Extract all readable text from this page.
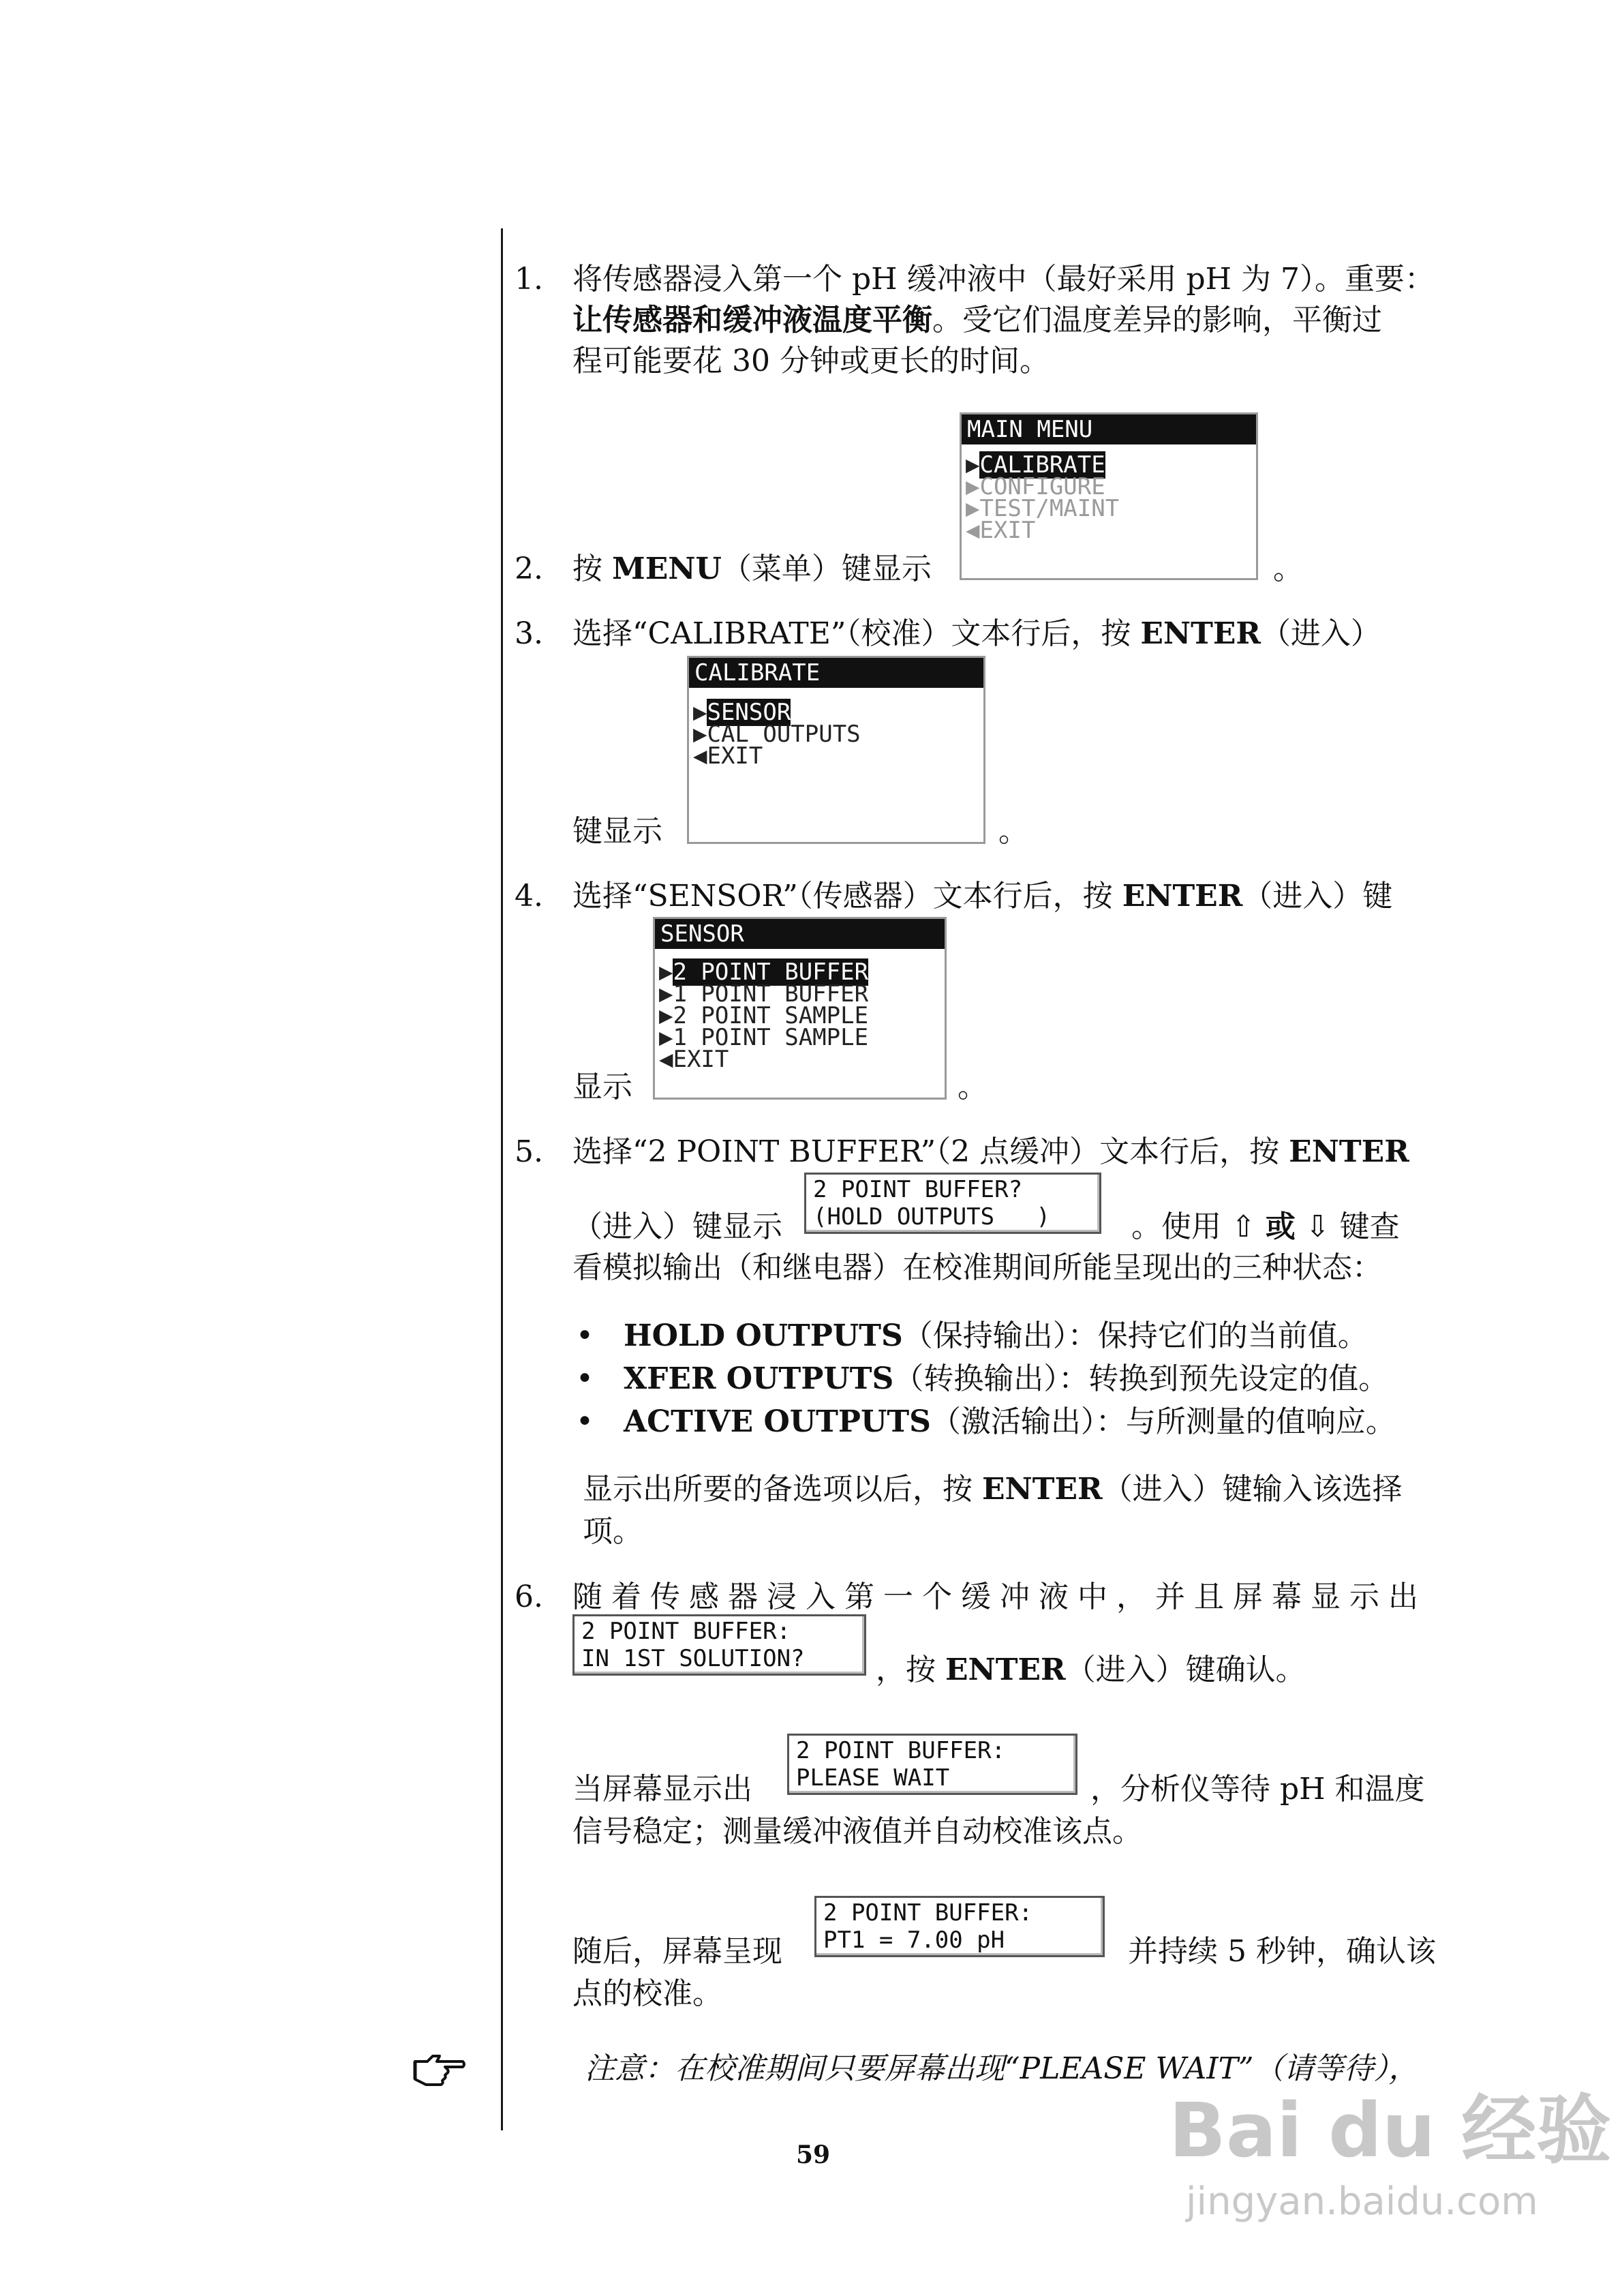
1. 将传感器浸入第一个 pH 缓冲液中（最好采用 pH 为 7）。重要：
让传感器和缓冲液温度平衡。受它们温度差异的影响，平衡过
程可能要花 30 分钟或更长的时间。
MAIN MENU
▶CALIBRATE
▶CONFIGURE
▶TEST/MAINT
◀EXIT
2. 按 MENU（菜单）键显示	。
3. 选择“CALIBRATE”（校准）文本行后，按 ENTER（进入）
CALIBRATE
▶SENSOR
▶CAL OUTPUTS
◀EXIT
键显示	。
4. 选择“SENSOR”（传感器）文本行后，按 ENTER（进入）键
SENSOR
▶2 POINT BUFFER
▶1 POINT BUFFER
▶2 POINT SAMPLE
▶1 POINT SAMPLE
◀EXIT
显示	。
5. 选择“2 POINT BUFFER”（2 点缓冲）文本行后，按 ENTER
（进入）键显示
2 POINT BUFFER?
(HOLD OUTPUTS   )	。使用 ⇧ 或 ⇩ 键查
看模拟输出（和继电器）在校准期间所能呈现出的三种状态：
• HOLD OUTPUTS（保持输出）：保持它们的当前值。
• XFER OUTPUTS（转换输出）：转换到预先设定的值。
• ACTIVE OUTPUTS（激活输出）：与所测量的值响应。
显示出所要的备选项以后，按 ENTER（进入）键输入该选择
项。
6. 随着传感器浸入第一个缓冲液中，并且屏幕显示出
2 POINT BUFFER:
IN 1ST SOLUTION?	，按 ENTER（进入）键确认。
当屏幕显示出
2 POINT BUFFER:
PLEASE WAIT	，分析仪等待 pH 和温度
信号稳定；测量缓冲液值并自动校准该点。
随后，屏幕呈现
2 POINT BUFFER:
PT1 = 7.00 pH	并持续 5 秒钟，确认该
点的校准。
注意：在校准期间只要屏幕出现“PLEASE WAIT”（请等待），
59	Bai du 经验
jingyan.baidu.com
